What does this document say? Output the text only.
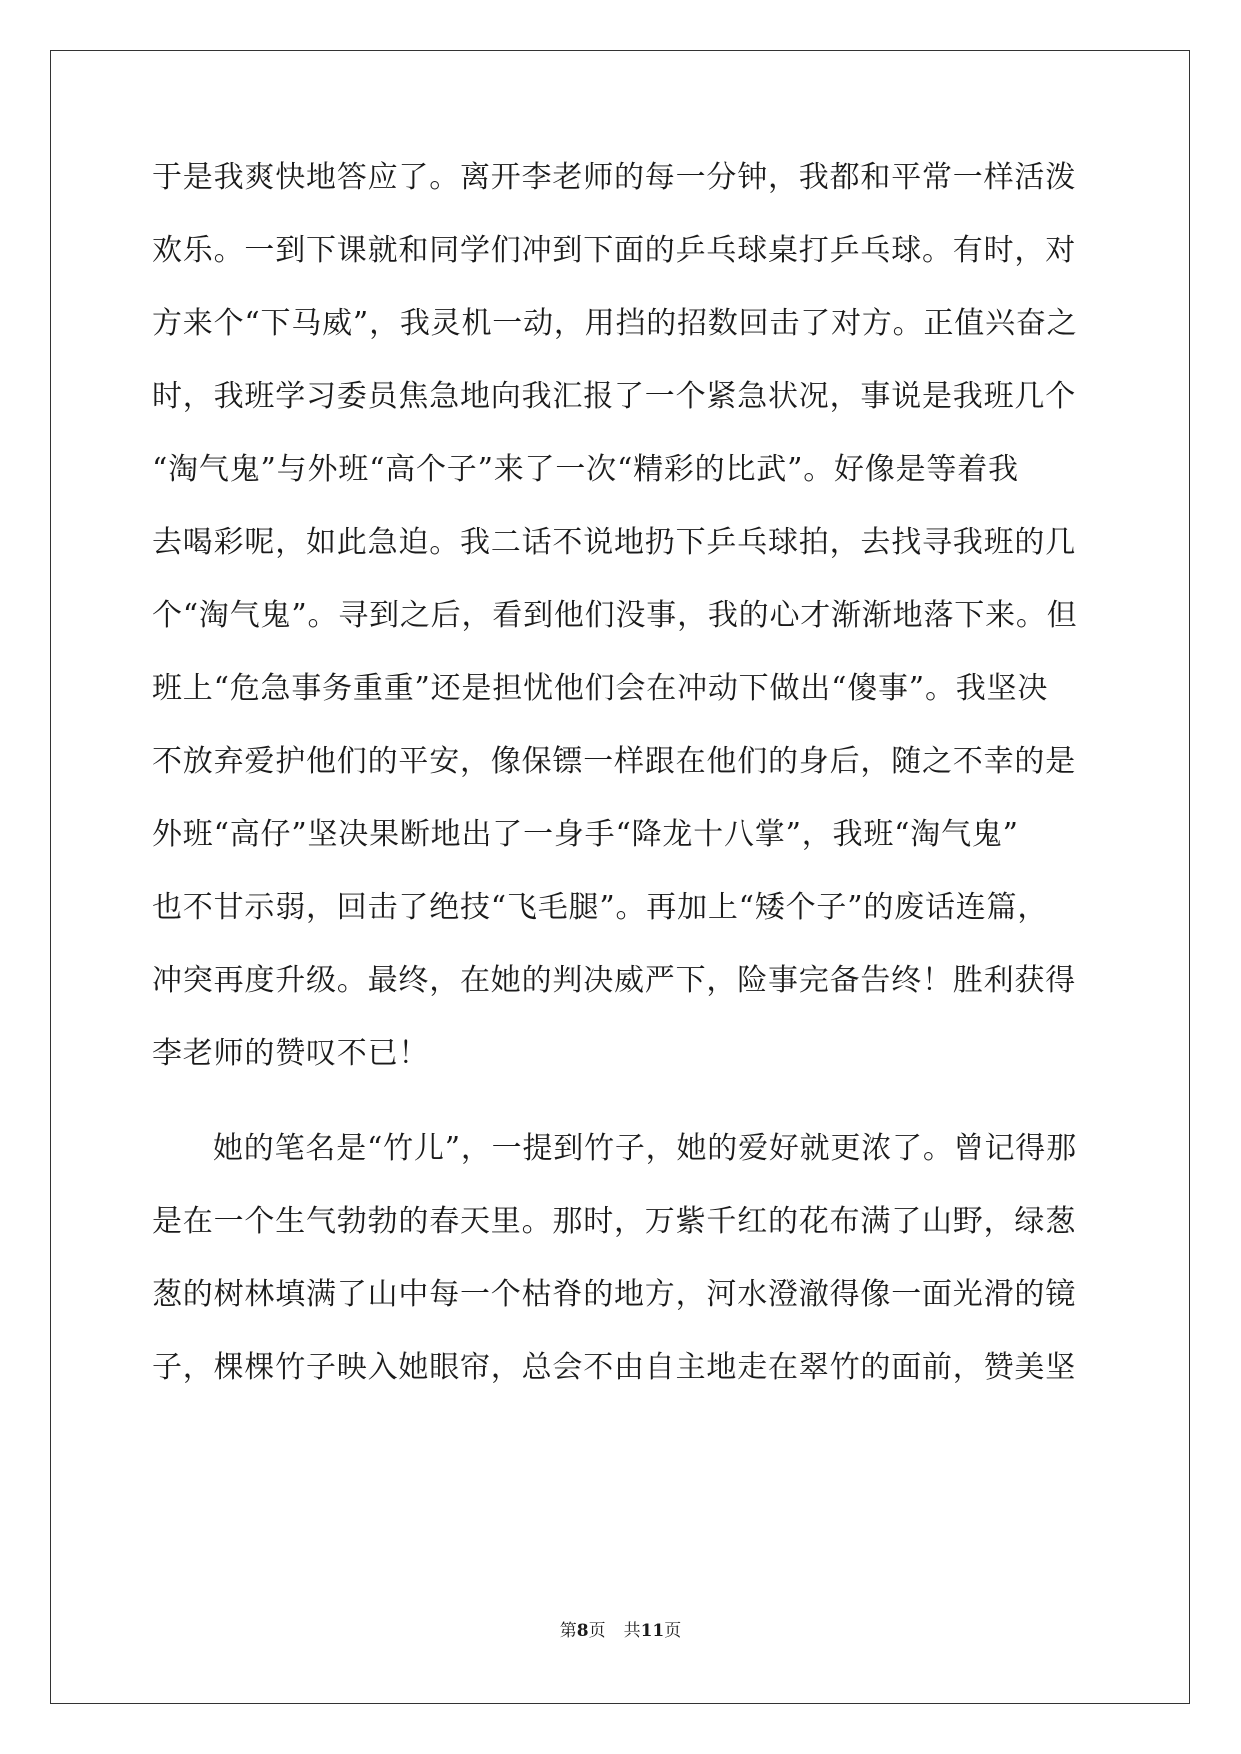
于是我爽快地答应了。离开李老师的每一分钟，我都和平常一样活泼
欢乐。一到下课就和同学们冲到下面的乒乓球桌打乒乓球。有时，对
方来个“下马威”，我灵机一动，用挡的招数回击了对方。正值兴奋之
时，我班学习委员焦急地向我汇报了一个紧急状况，事说是我班几个
“淘气鬼”与外班“高个子”来了一次“精彩的比武”。好像是等着我
去喝彩呢，如此急迫。我二话不说地扔下乒乓球拍，去找寻我班的几
个“淘气鬼”。寻到之后，看到他们没事，我的心才渐渐地落下来。但
班上“危急事务重重”还是担忧他们会在冲动下做出“傻事”。我坚决
不放弃爱护他们的平安，像保镖一样跟在他们的身后，随之不幸的是
外班“高仔”坚决果断地出了一身手“降龙十八掌”，我班“淘气鬼”
也不甘示弱，回击了绝技“飞毛腿”。再加上“矮个子”的废话连篇，
冲突再度升级。最终，在她的判决威严下，险事完备告终！胜利获得
李老师的赞叹不已！
她的笔名是“竹儿”，一提到竹子，她的爱好就更浓了。曾记得那
是在一个生气勃勃的春天里。那时，万紫千红的花布满了山野，绿葱
葱的树林填满了山中每一个枯脊的地方，河水澄澈得像一面光滑的镜
子，棵棵竹子映入她眼帘，总会不由自主地走在翠竹的面前，赞美坚
第8页 共11页
